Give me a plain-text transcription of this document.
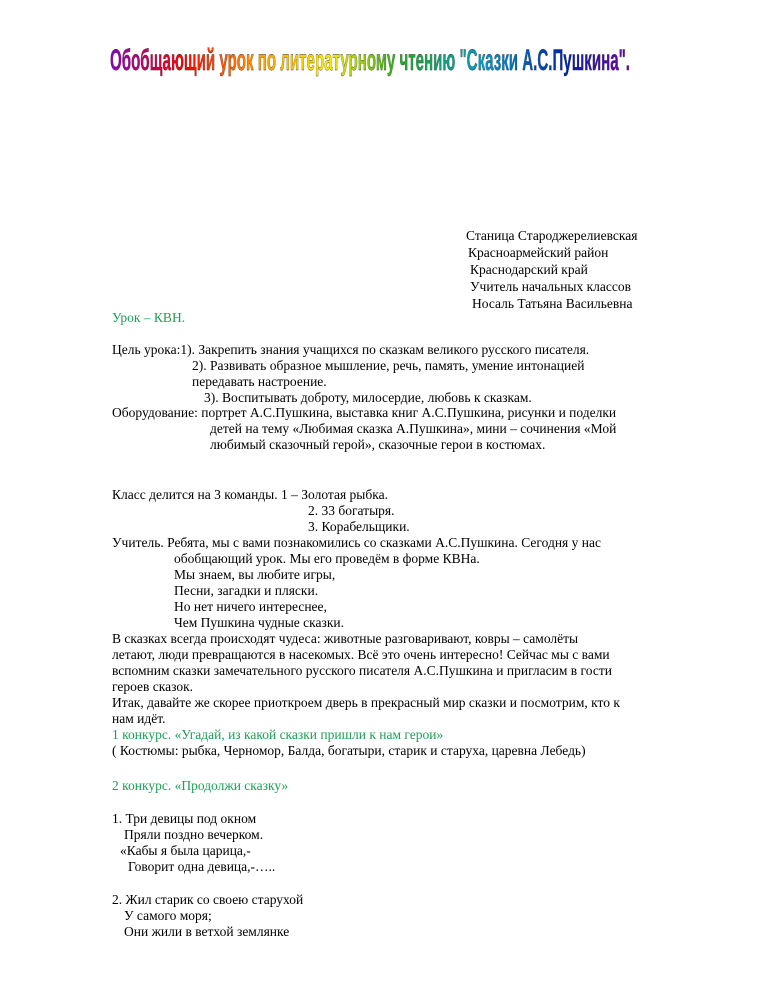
Обобщающий урок по литературному чтению "Сказки А.С.Пушкина".
Станица Староджерелиевская
Красноармейский район
Краснодарский край
Учитель начальных классов
Носаль Татьяна Васильевна
Урок – КВН.
Цель урока:1). Закрепить знания учащихся по сказкам великого русского писателя.
2). Развивать образное мышление, речь, память, умение интонацией
передавать настроение.
3). Воспитывать доброту, милосердие, любовь к сказкам.
Оборудование: портрет А.С.Пушкина, выставка книг А.С.Пушкина, рисунки и поделки
детей на тему «Любимая сказка А.Пушкина», мини – сочинения «Мой
любимый сказочный герой», сказочные герои в костюмах.
Класс делится на 3 команды. 1 – Золотая рыбка.
2. 33 богатыря.
3. Корабельщики.
Учитель. Ребята, мы с вами познакомились со сказками А.С.Пушкина. Сегодня у нас
обобщающий урок. Мы его проведём в форме КВНа.
Мы знаем, вы любите игры,
Песни, загадки и пляски.
Но нет ничего интереснее,
Чем Пушкина чудные сказки.
В сказках всегда происходят чудеса: животные разговаривают, ковры – самолёты
летают, люди превращаются в насекомых. Всё это очень интересно! Сейчас мы с вами
вспомним сказки замечательного русского писателя А.С.Пушкина и пригласим в гости
героев сказок.
Итак, давайте же скорее приоткроем дверь в прекрасный мир сказки и посмотрим, кто к
нам идёт.
1 конкурс. «Угадай, из какой сказки пришли к нам герои»
( Костюмы: рыбка, Черномор, Балда, богатыри, старик и старуха, царевна Лебедь)
2 конкурс. «Продолжи сказку»
1. Три девицы под окном
Пряли поздно вечерком.
«Кабы я была царица,-
Говорит одна девица,-…..
2. Жил старик со своею старухой
У самого моря;
Они жили в ветхой землянке
